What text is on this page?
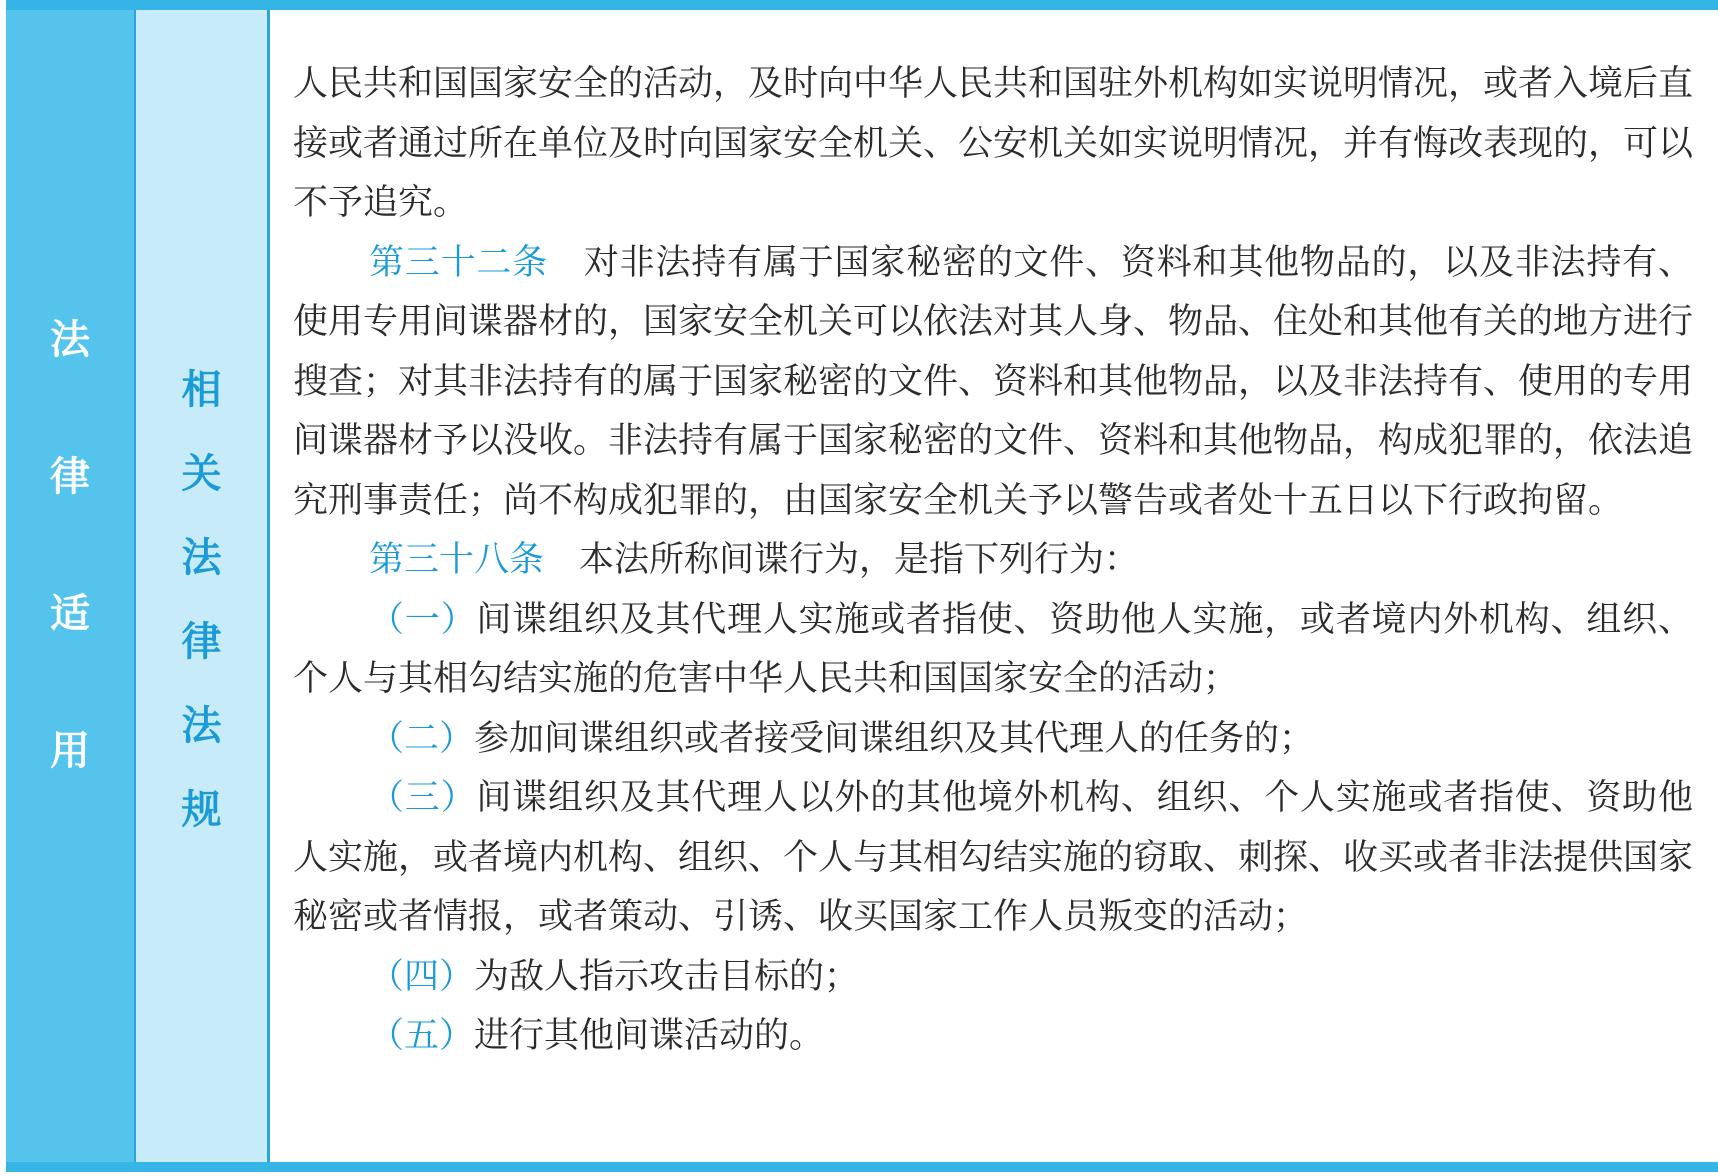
法
律
适
用
相
关
法
律
法
规

人民共和国国家安全的活动，及时向中华人民共和国驻外机构如实说明情况，或者入境后直接或者通过所在单位及时向国家安全机关、公安机关如实说明情况，并有悔改表现的，可以不予追究。

第三十二条　 对非法持有属于国家秘密的文件、资料和其他物品的，以及非法持有、使用专用间谍器材的，国家安全机关可以依法对其人身、物品、住处和其他有关的地方进行搜查；对其非法持有的属于国家秘密的文件、资料和其他物品，以及非法持有、使用的专用间谍器材予以没收。非法持有属于国家秘密的文件、资料和其他物品，构成犯罪的，依法追究刑事责任；尚不构成犯罪的，由国家安全机关予以警告或者处十五日以下行政拘留。

第三十八条　 本法所称间谍行为，是指下列行为：

（一）间谍组织及其代理人实施或者指使、资助他人实施，或者境内外机构、组织、个人与其相勾结实施的危害中华人民共和国国家安全的活动；

（二）参加间谍组织或者接受间谍组织及其代理人的任务的；

（三）间谍组织及其代理人以外的其他境外机构、组织、个人实施或者指使、资助他人实施，或者境内机构、组织、个人与其相勾结实施的窃取、刺探、收买或者非法提供国家秘密或者情报，或者策动、引诱、收买国家工作人员叛变的活动；

（四）为敌人指示攻击目标的；

（五）进行其他间谍活动的。
